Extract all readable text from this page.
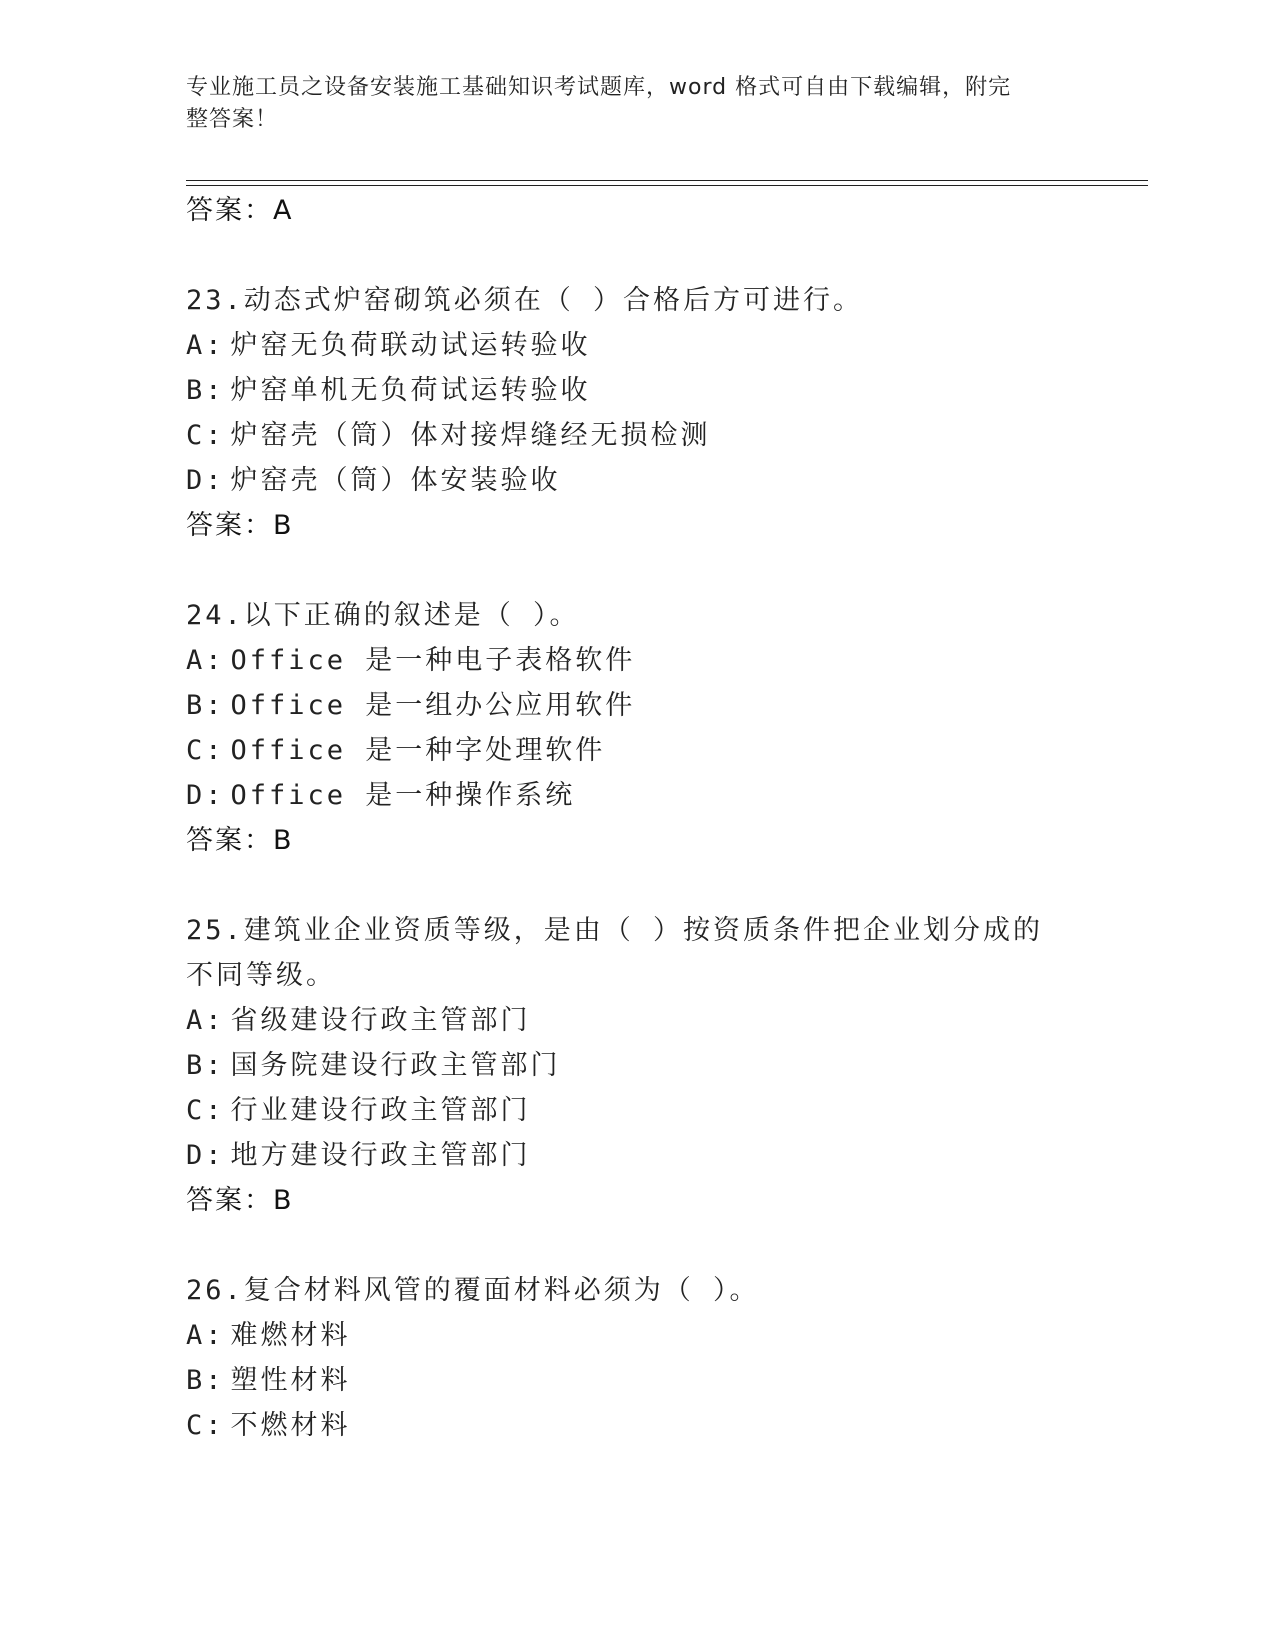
专业施工员之设备安装施工基础知识考试题库，word 格式可自由下载编辑，附完
整答案！
答案：A
23.动态式炉窑砌筑必须在（ ）合格后方可进行。
A: 炉窑无负荷联动试运转验收
B: 炉窑单机无负荷试运转验收
C: 炉窑壳（筒）体对接焊缝经无损检测
D: 炉窑壳（筒）体安装验收
答案：B
24.以下正确的叙述是（ ）。
A: Office 是一种电子表格软件
B: Office 是一组办公应用软件
C: Office 是一种字处理软件
D: Office 是一种操作系统
答案：B
25.建筑业企业资质等级，是由（ ）按资质条件把企业划分成的不同等级。
A: 省级建设行政主管部门
B: 国务院建设行政主管部门
C: 行业建设行政主管部门
D: 地方建设行政主管部门
答案：B
26.复合材料风管的覆面材料必须为（ ）。
A: 难燃材料
B: 塑性材料
C: 不燃材料
